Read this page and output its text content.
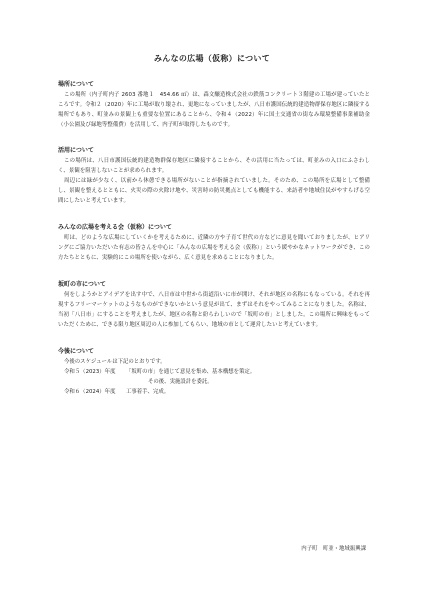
みんなの広場（仮称）について
場所について

この場所（内子町内子 2603 番地１　454.66 ㎡）は、森文醸造株式会社の鉄筋コンクリート３階建の工場が建っていたところです。令和２（2020）年に工場が取り壊され、更地になっていましたが、八日市護国伝統的建造物群保存地区に隣接する場所でもあり、町並みの景観上も重要な位置にあることから、令和４（2022）年に国土交通省の街なみ環境整備事業補助金（小公園及び緑地等整備費）を活用して、内子町が取得したものです。

活用について

この場所は、八日市護国伝統的建造物群保存地区に隣接することから、その活用に当たっては、町並みの入口にふさわしく、景観を阻害しないことが求められます。

周辺には緑が少なく、以前から休憩できる場所がないことが指摘されていました。そのため、この場所を広場として整備し、景観を整えるとともに、火災の際の火除け地や、災害時の防災拠点としても機能する、来訪者や地域住民がやすらげる空間にしたいと考えています。

みんなの広場を考える会（仮称）について

町は、どのような広場にしていくかを考えるために、近隣の方や子育て世代の方などに意見を聞いておりましたが、ヒアリングにご協力いただいた有志の皆さんを中心に「みんなの広場を考える会（仮称）」という緩やかなネットワークができ、この方たちとともに、実験的にこの場所を使いながら、広く意見を求めることになりました。

坂町の市について

何をしようかとアイデアを出す中で、八日市は中世から街道沿いに市が開け、それが地区の名称にもなっている。それを再現するフリーマーケットのようなものができないかという意見が出て、まずはそれをやってみることになりました。名称は、当初「八日市」にすることを考えましたが、地区の名称と紛らわしいので「坂町の市」としました。この場所に興味をもっていただくために、できる限り地区周辺の人に参加してもらい、地域の市として運営したいと考えています。

今後について
今後のスケジュールは下記のとおりです。
令和５（2023）年度	「坂町の市」を通じて意見を集め、基本構想を策定。
その後、実施設計を委託。
令和６（2024）年度	工事着手、完成。
内子町　町並・地域振興課
